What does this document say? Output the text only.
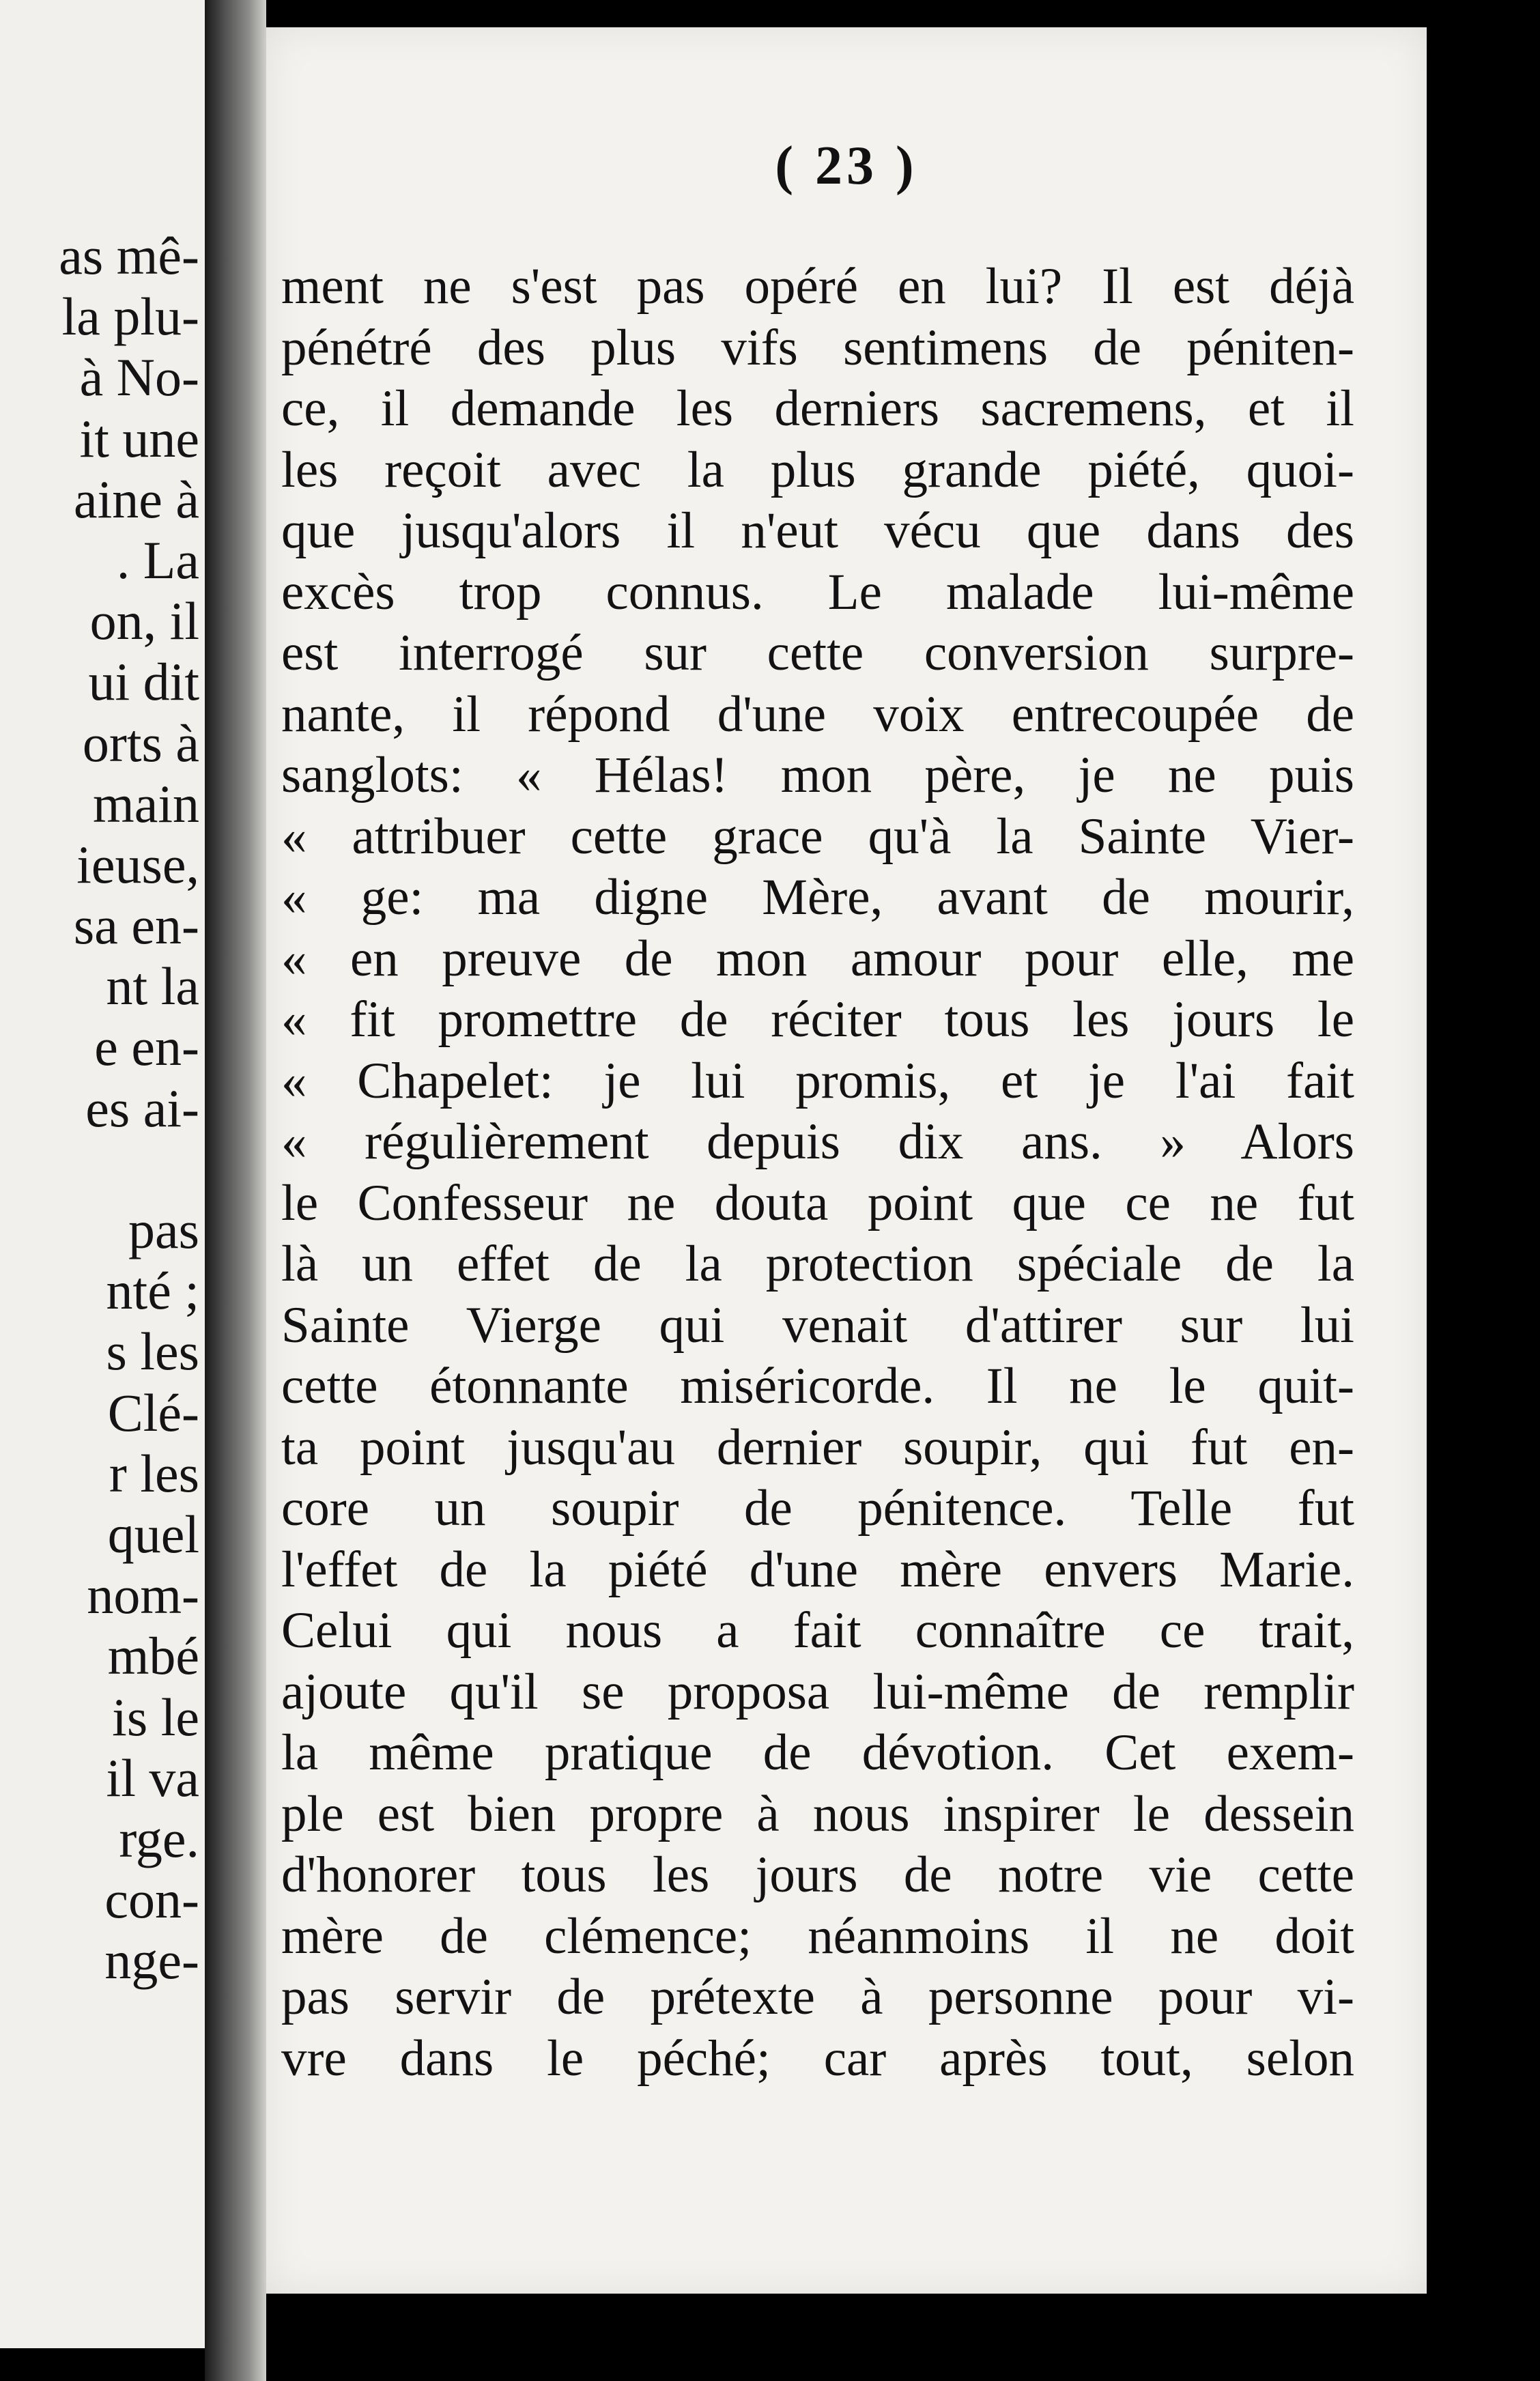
as mê-
la plu-
à No-
it une
aine à
. La
on, il
ui dit
orts à
main
ieuse,
sa en-
nt la
e en-
es ai-
pas
nté ;
s les
Clé-
r les
quel
nom-
mbé
is le
il va
rge.
con-
nge-
( 23 )
ment ne s'est pas opéré en lui? Il est déjà
pénétré des plus vifs sentimens de péniten-
ce, il demande les derniers sacremens, et il
les reçoit avec la plus grande piété, quoi-
que jusqu'alors il n'eut vécu que dans des
excès trop connus. Le malade lui-même
est interrogé sur cette conversion surpre-
nante, il répond d'une voix entrecoupée de
sanglots: « Hélas! mon père, je ne puis
« attribuer cette grace qu'à la Sainte Vier-
« ge: ma digne Mère, avant de mourir,
« en preuve de mon amour pour elle, me
« fit promettre de réciter tous les jours le
« Chapelet: je lui promis, et je l'ai fait
« régulièrement depuis dix ans. » Alors
le Confesseur ne douta point que ce ne fut
là un effet de la protection spéciale de la
Sainte Vierge qui venait d'attirer sur lui
cette étonnante miséricorde. Il ne le quit-
ta point jusqu'au dernier soupir, qui fut en-
core un soupir de pénitence. Telle fut
l'effet de la piété d'une mère envers Marie.
Celui qui nous a fait connaître ce trait,
ajoute qu'il se proposa lui-même de remplir
la même pratique de dévotion. Cet exem-
ple est bien propre à nous inspirer le dessein
d'honorer tous les jours de notre vie cette
mère de clémence; néanmoins il ne doit
pas servir de prétexte à personne pour vi-
vre dans le péché; car après tout, selon
